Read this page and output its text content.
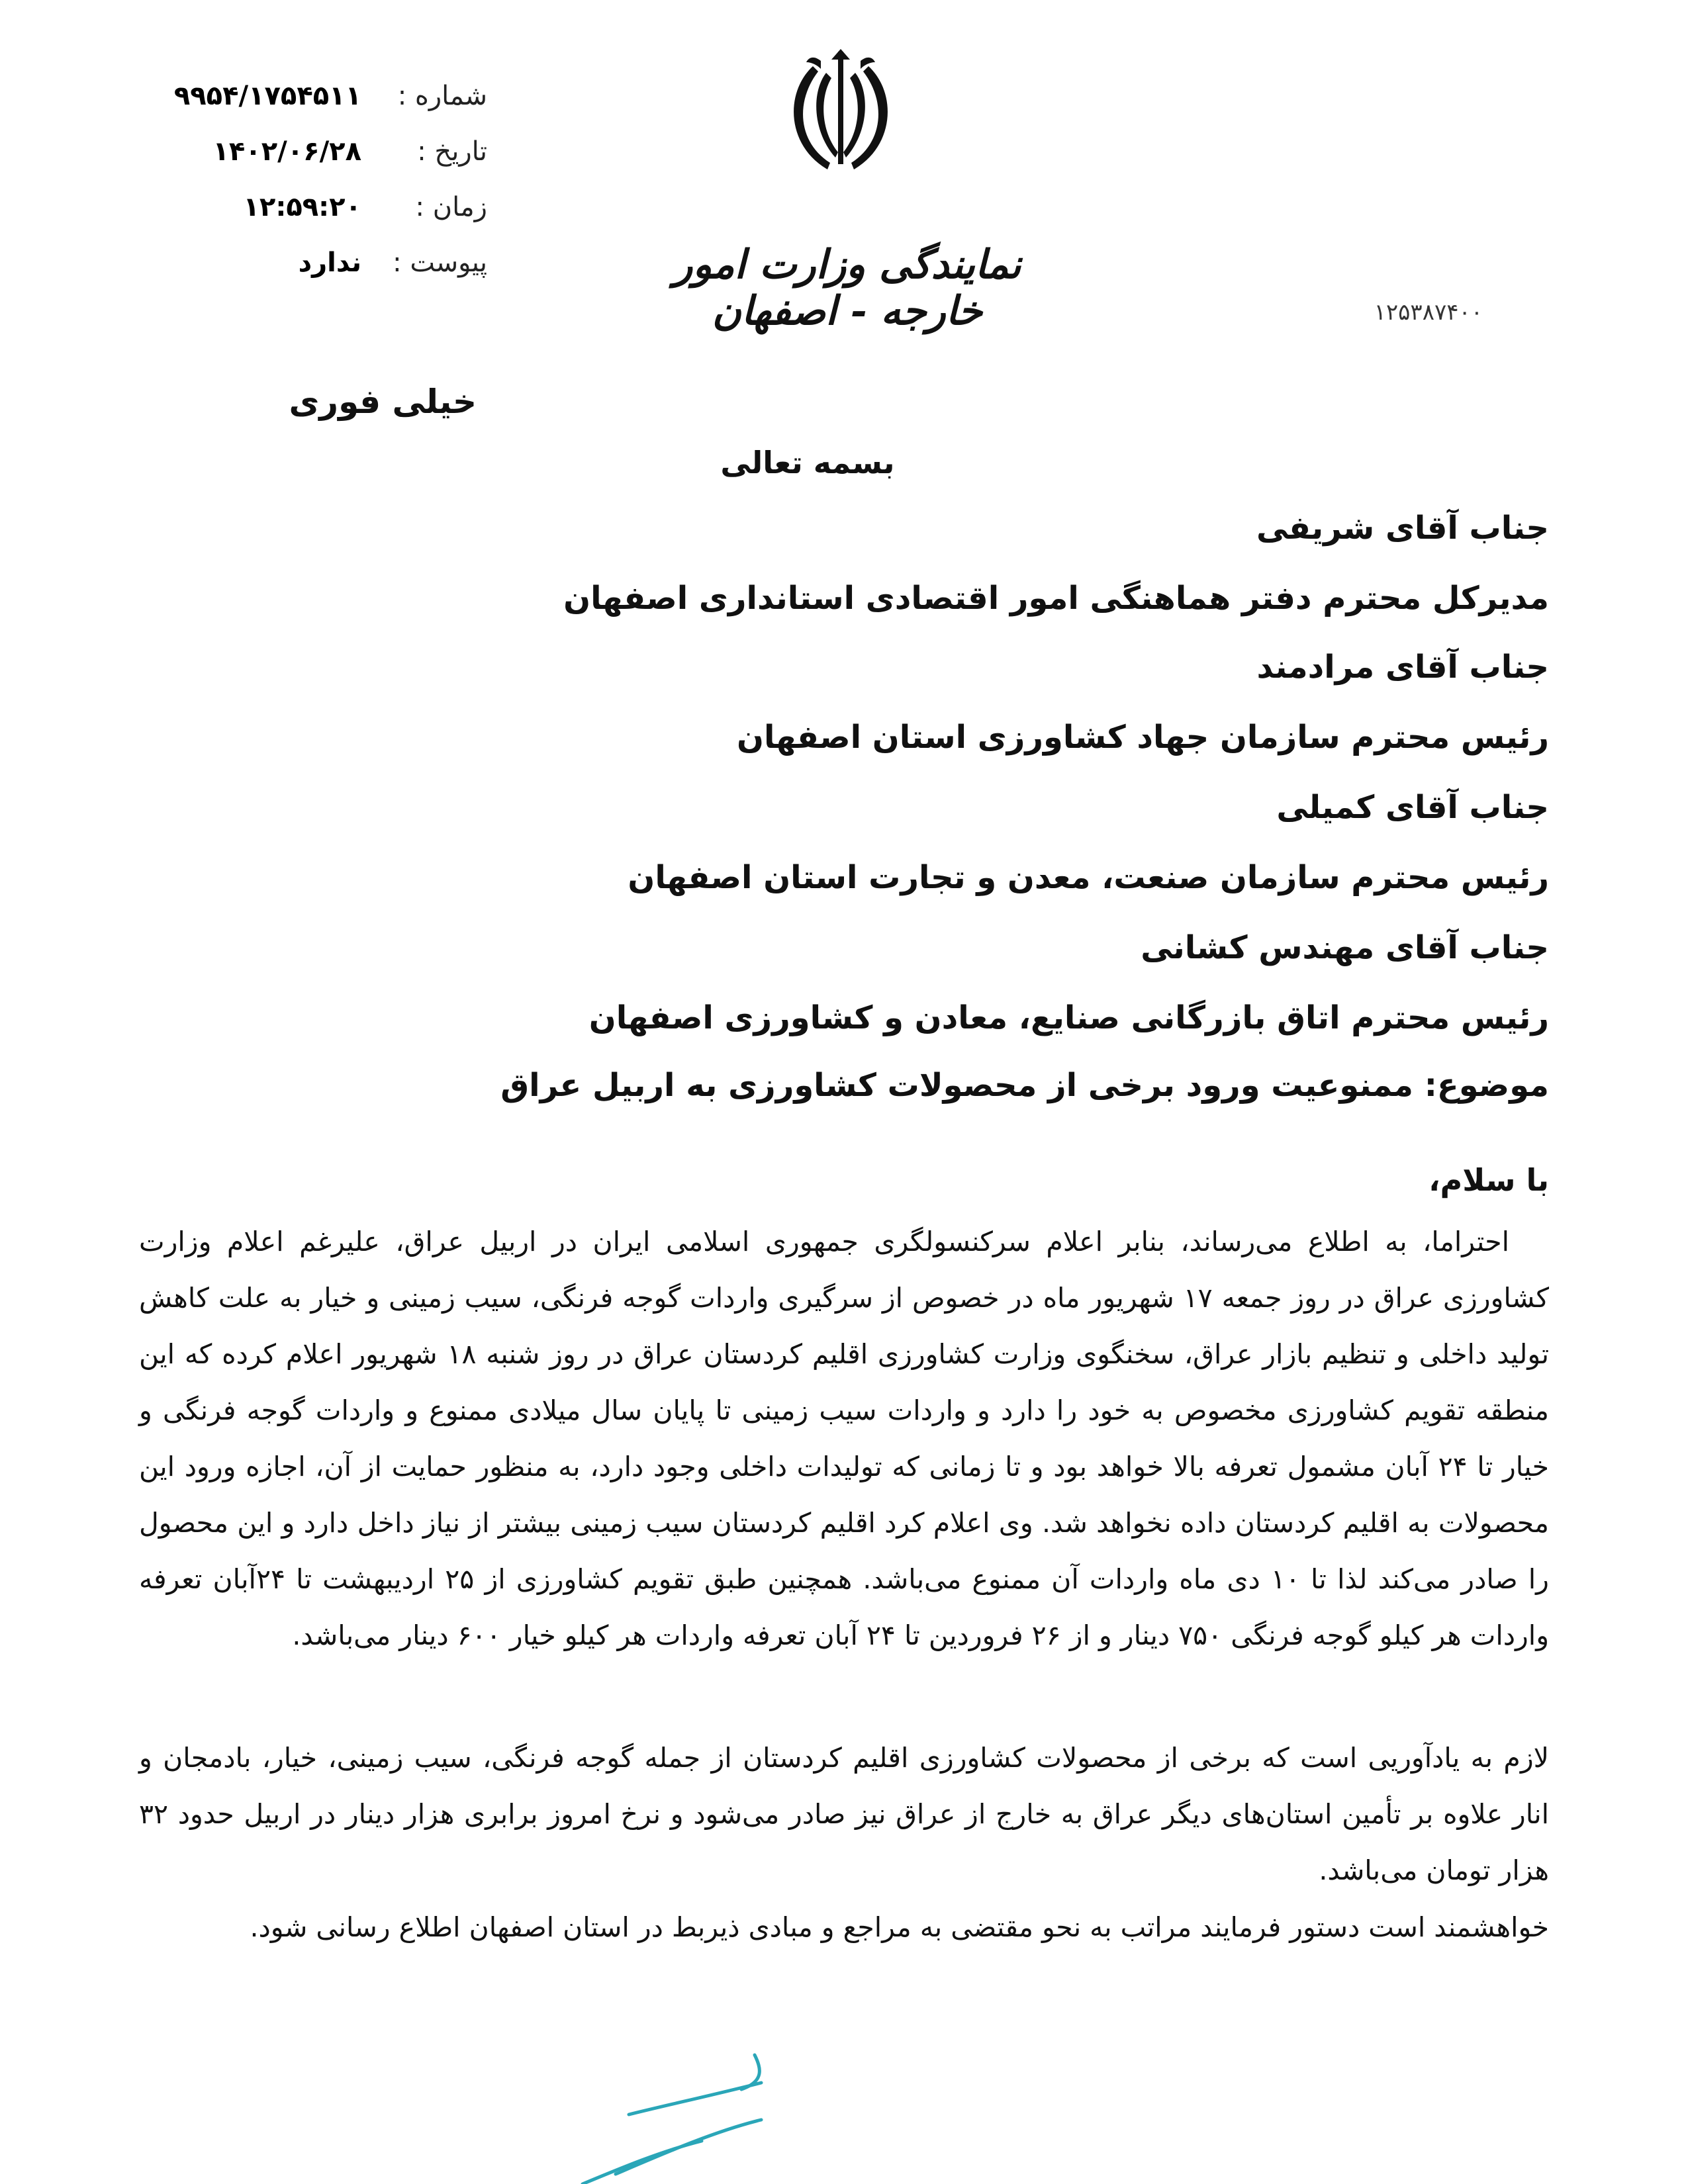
نمایندگی وزارت امور خارجه - اصفهان	۱۲۵۳۸۷۴۰۰
شماره :
۹۹۵۴/۱۷۵۴۵۱۱
تاریخ :
۱۴۰۲/۰۶/۲۸
زمان :
۱۲:۵۹:۲۰
پیوست :
ندارد
خیلی فوری
بسمه تعالی
جناب آقای شریفی
مدیرکل محترم دفتر هماهنگی امور اقتصادی استانداری اصفهان
جناب آقای مرادمند
رئیس محترم سازمان جهاد کشاورزی استان اصفهان
جناب آقای کمیلی
رئیس محترم سازمان صنعت، معدن و تجارت استان اصفهان
جناب آقای مهندس کشانی
رئیس محترم اتاق بازرگانی صنایع، معادن و کشاورزی اصفهان
موضوع: ممنوعیت ورود برخی از محصولات کشاورزی به اربیل عراق
با سلام،

احتراما، به اطلاع می‌رساند، بنابر اعلام سرکنسولگری جمهوری اسلامی ایران در اربیل عراق، علیرغم اعلام وزارت کشاورزی عراق در روز جمعه ۱۷ شهریور ماه در خصوص از سرگیری واردات گوجه فرنگی، سیب زمینی و خیار به علت کاهش تولید داخلی و تنظیم بازار عراق، سخنگوی وزارت کشاورزی اقلیم کردستان عراق در روز شنبه ۱۸ شهریور اعلام کرده که این منطقه تقویم کشاورزی مخصوص به خود را دارد و واردات سیب زمینی تا پایان سال میلادی ممنوع و واردات گوجه فرنگی و خیار تا ۲۴ آبان مشمول تعرفه بالا خواهد بود و تا زمانی که تولیدات داخلی وجود دارد، به منظور حمایت از آن، اجازه ورود این محصولات به اقلیم کردستان داده نخواهد شد. وی اعلام کرد اقلیم کردستان سیب زمینی بیشتر از نیاز داخل دارد و این محصول را صادر می‌کند لذا تا ۱۰ دی ماه واردات آن ممنوع می‌باشد. همچنین طبق تقویم کشاورزی از ۲۵ اردیبهشت تا ۲۴آبان تعرفه واردات هر کیلو گوجه فرنگی ۷۵۰ دینار و از ۲۶ فروردین تا ۲۴ آبان تعرفه واردات هر کیلو خیار ۶۰۰ دینار می‌باشد.

لازم به یادآوریی است که برخی از محصولات کشاورزی اقلیم کردستان از جمله گوجه فرنگی، سیب زمینی، خیار، بادمجان و انار علاوه بر تأمین استان‌های دیگر عراق به خارج از عراق نیز صادر می‌شود و نرخ امروز برابری هزار دینار در اربیل حدود ۳۲ هزار تومان می‌باشد.

خواهشمند است دستور فرمایند مراتب به نحو مقتضی به مراجع و مبادی ذیربط در استان اصفهان اطلاع رسانی شود.
